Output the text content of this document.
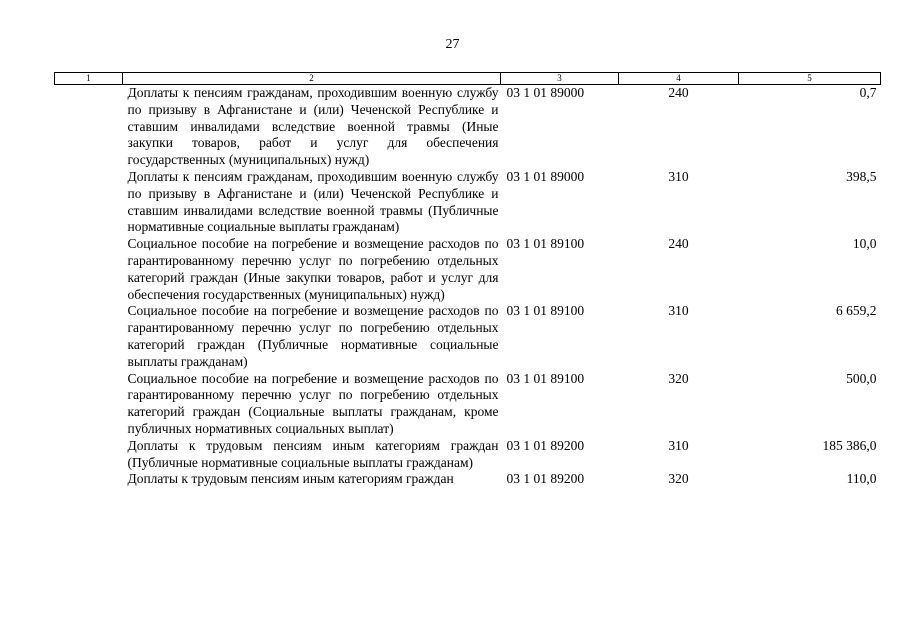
27
1	2	3	4	5
	Доплаты к пенсиям гражданам, проходившим военную службу по призыву в Афганистане и (или) Чеченской Республике и ставшим инвалидами вследствие военной травмы (Иные закупки товаров, работ и услуг для обеспечения государственных (муниципальных) нужд)	03 1 01 89000	240	0,7
	Доплаты к пенсиям гражданам, проходившим военную службу по призыву в Афганистане и (или) Чеченской Республике и ставшим инвалидами вследствие военной травмы (Публичные нормативные социальные выплаты гражданам)	03 1 01 89000	310	398,5
	Социальное пособие на погребение и возмещение расходов по гарантированному перечню услуг по погребению отдельных категорий граждан (Иные закупки товаров, работ и услуг для обеспечения государственных (муниципальных) нужд)	03 1 01 89100	240	10,0
	Социальное пособие на погребение и возмещение расходов по гарантированному перечню услуг по погребению отдельных категорий граждан (Публичные нормативные социальные выплаты гражданам)	03 1 01 89100	310	6 659,2
	Социальное пособие на погребение и возмещение расходов по гарантированному перечню услуг по погребению отдельных категорий граждан (Социальные выплаты гражданам, кроме публичных нормативных социальных выплат)	03 1 01 89100	320	500,0
	Доплаты к трудовым пенсиям иным категориям граждан (Публичные нормативные социальные выплаты гражданам)	03 1 01 89200	310	185 386,0
	Доплаты к трудовым пенсиям иным категориям граждан	03 1 01 89200	320	110,0
